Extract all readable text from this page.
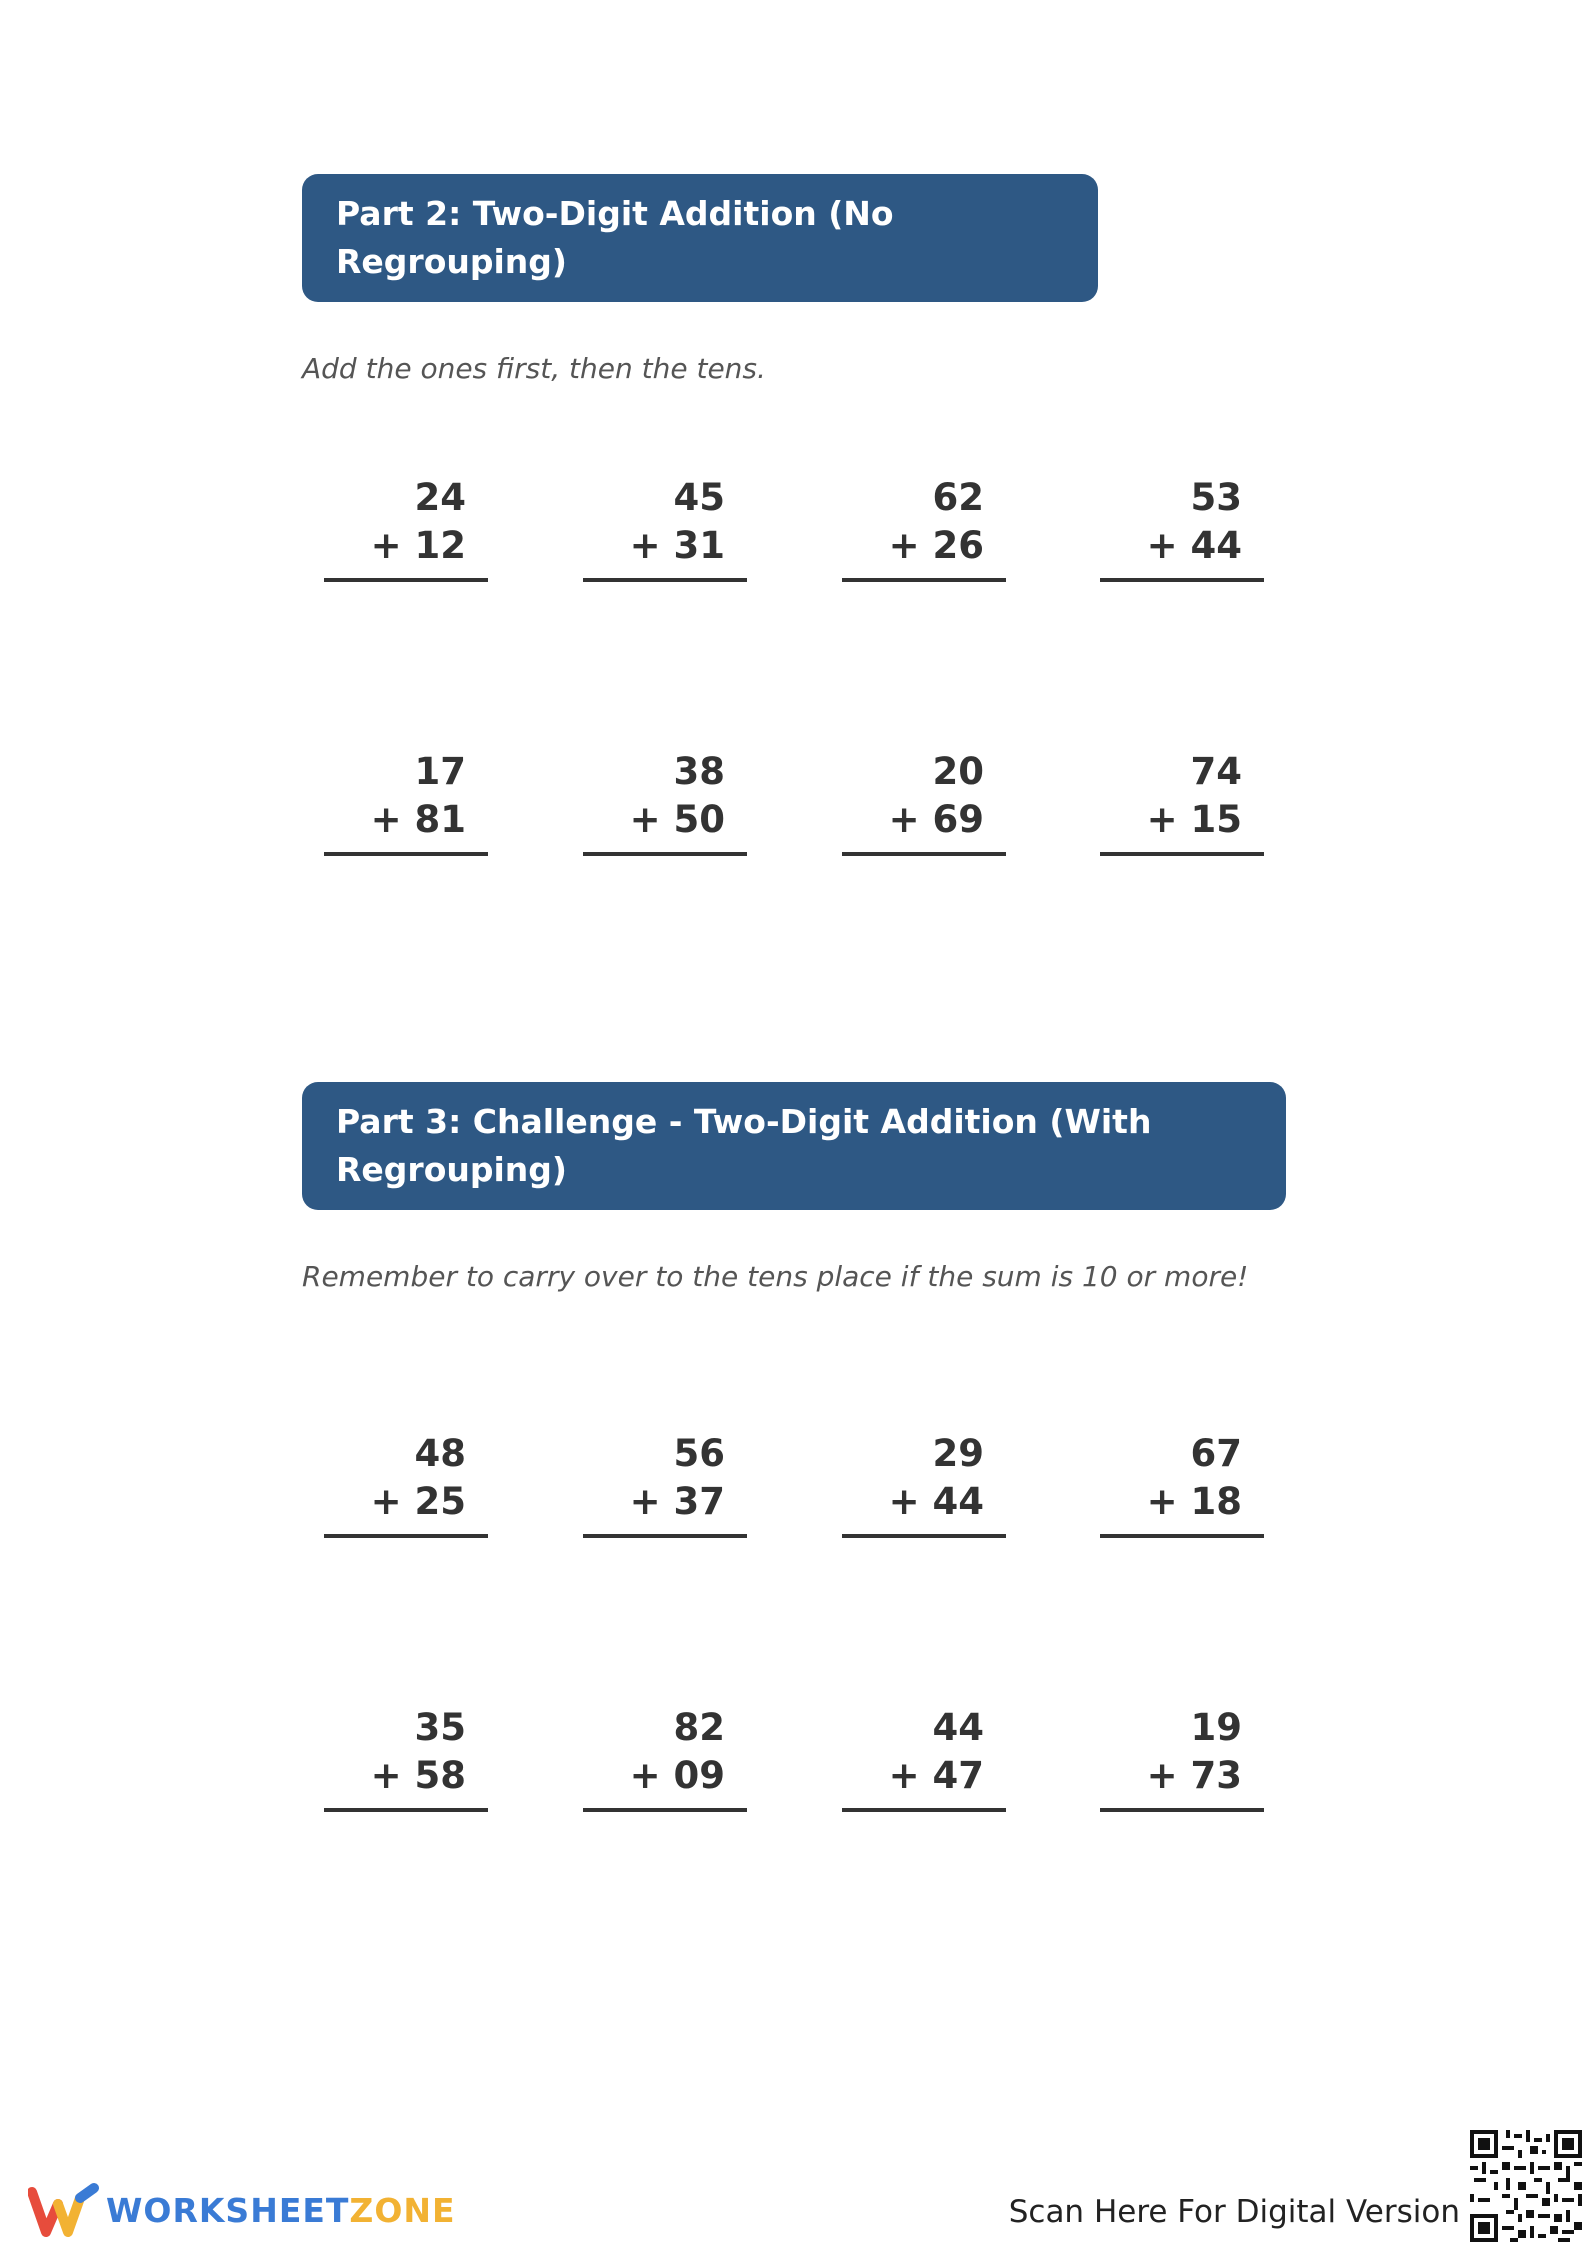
Part 2: Two-Digit Addition (No Regrouping)
Add the ones first, then the tens.
24
+ 12
45
+ 31
62
+ 26
53
+ 44
17
+ 81
38
+ 50
20
+ 69
74
+ 15
Part 3: Challenge - Two-Digit Addition (With
Regrouping)
Remember to carry over to the tens place if the sum is 10 or more!
48
+ 25
56
+ 37
29
+ 44
67
+ 18
35
+ 58
82
+ 09
44
+ 47
19
+ 73
WORKSHEETZONE	Scan Here For Digital Version
